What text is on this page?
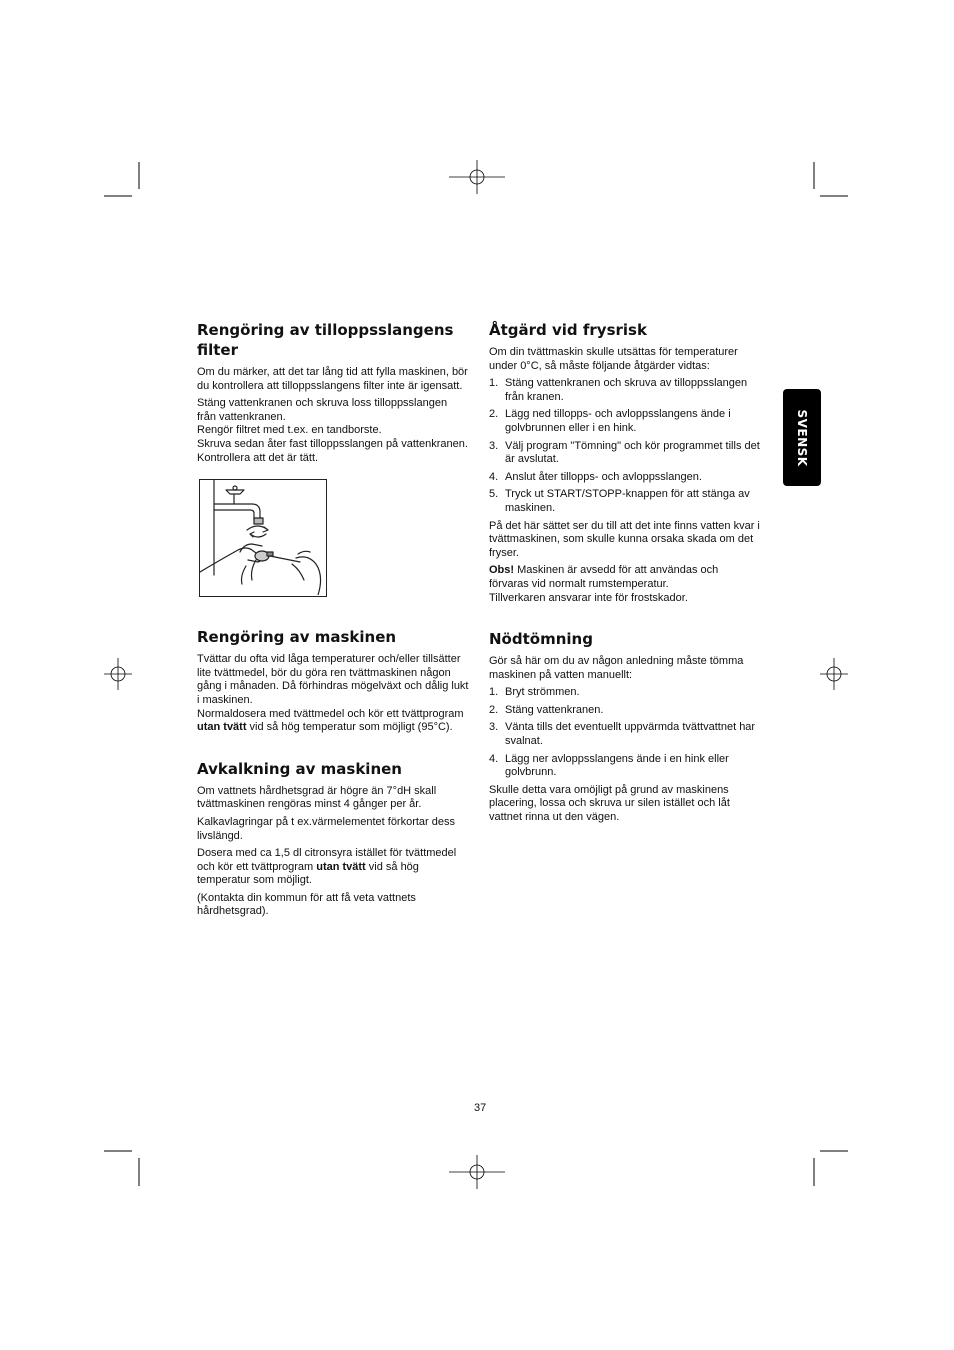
Rengöring av tilloppsslangens filter

Om du märker, att det tar lång tid att fylla maskinen, bör du kontrollera att tilloppsslangens filter inte är igensatt.

Stäng vattenkranen och skruva loss tilloppsslangen från vattenkranen.

Rengör filtret med t.ex. en tandborste.

Skruva sedan åter fast tilloppsslangen på vattenkranen. Kontrollera att det är tätt.

Rengöring av maskinen

Tvättar du ofta vid låga temperaturer och/eller tillsätter lite tvättmedel, bör du göra ren tvättmaskinen någon gång i månaden. Då förhindras mögelväxt och dålig lukt i maskinen.

Normaldosera med tvättmedel och kör ett tvättprogram utan tvätt vid så hög temperatur som möjligt (95°C).

Avkalkning av maskinen

Om vattnets hårdhetsgrad är högre än 7°dH skall tvättmaskinen rengöras minst 4 gånger per år.

Kalkavlagringar på t ex.värmelementet förkortar dess livslängd.

Dosera med ca 1,5 dl citronsyra istället för tvättmedel och kör ett tvättprogram utan tvätt vid så hög temperatur som möjligt.

(Kontakta din kommun för att få veta vattnets hårdhetsgrad).

Åtgärd vid frysrisk

Om din tvättmaskin skulle utsättas för temperaturer under 0°C, så måste följande åtgärder vidtas:

1. Stäng vattenkranen och skruva av tilloppsslangen från kranen.
2. Lägg ned tillopps- och avloppsslangens ände i golvbrunnen eller i en hink.
3. Välj program "Tömning" och kör programmet tills det är avslutat.
4. Anslut åter tillopps- och avloppsslangen.
5. Tryck ut START/STOPP-knappen för att stänga av maskinen.

På det här sättet ser du till att det inte finns vatten kvar i tvättmaskinen, som skulle kunna orsaka skada om det fryser.

Obs! Maskinen är avsedd för att användas och förvaras vid normalt rumstemperatur.

Tillverkaren ansvarar inte för frostskador.

Nödtömning

Gör så här om du av någon anledning måste tömma maskinen på vatten manuellt:

1. Bryt strömmen.
2. Stäng vattenkranen.
3. Vänta tills det eventuellt uppvärmda tvättvattnet har svalnat.
4. Lägg ner avloppsslangens ände i en hink eller golvbrunn.

Skulle detta vara omöjligt på grund av maskinens placering, lossa och skruva ur silen istället och låt vattnet rinna ut den vägen.

SVENSK
37
